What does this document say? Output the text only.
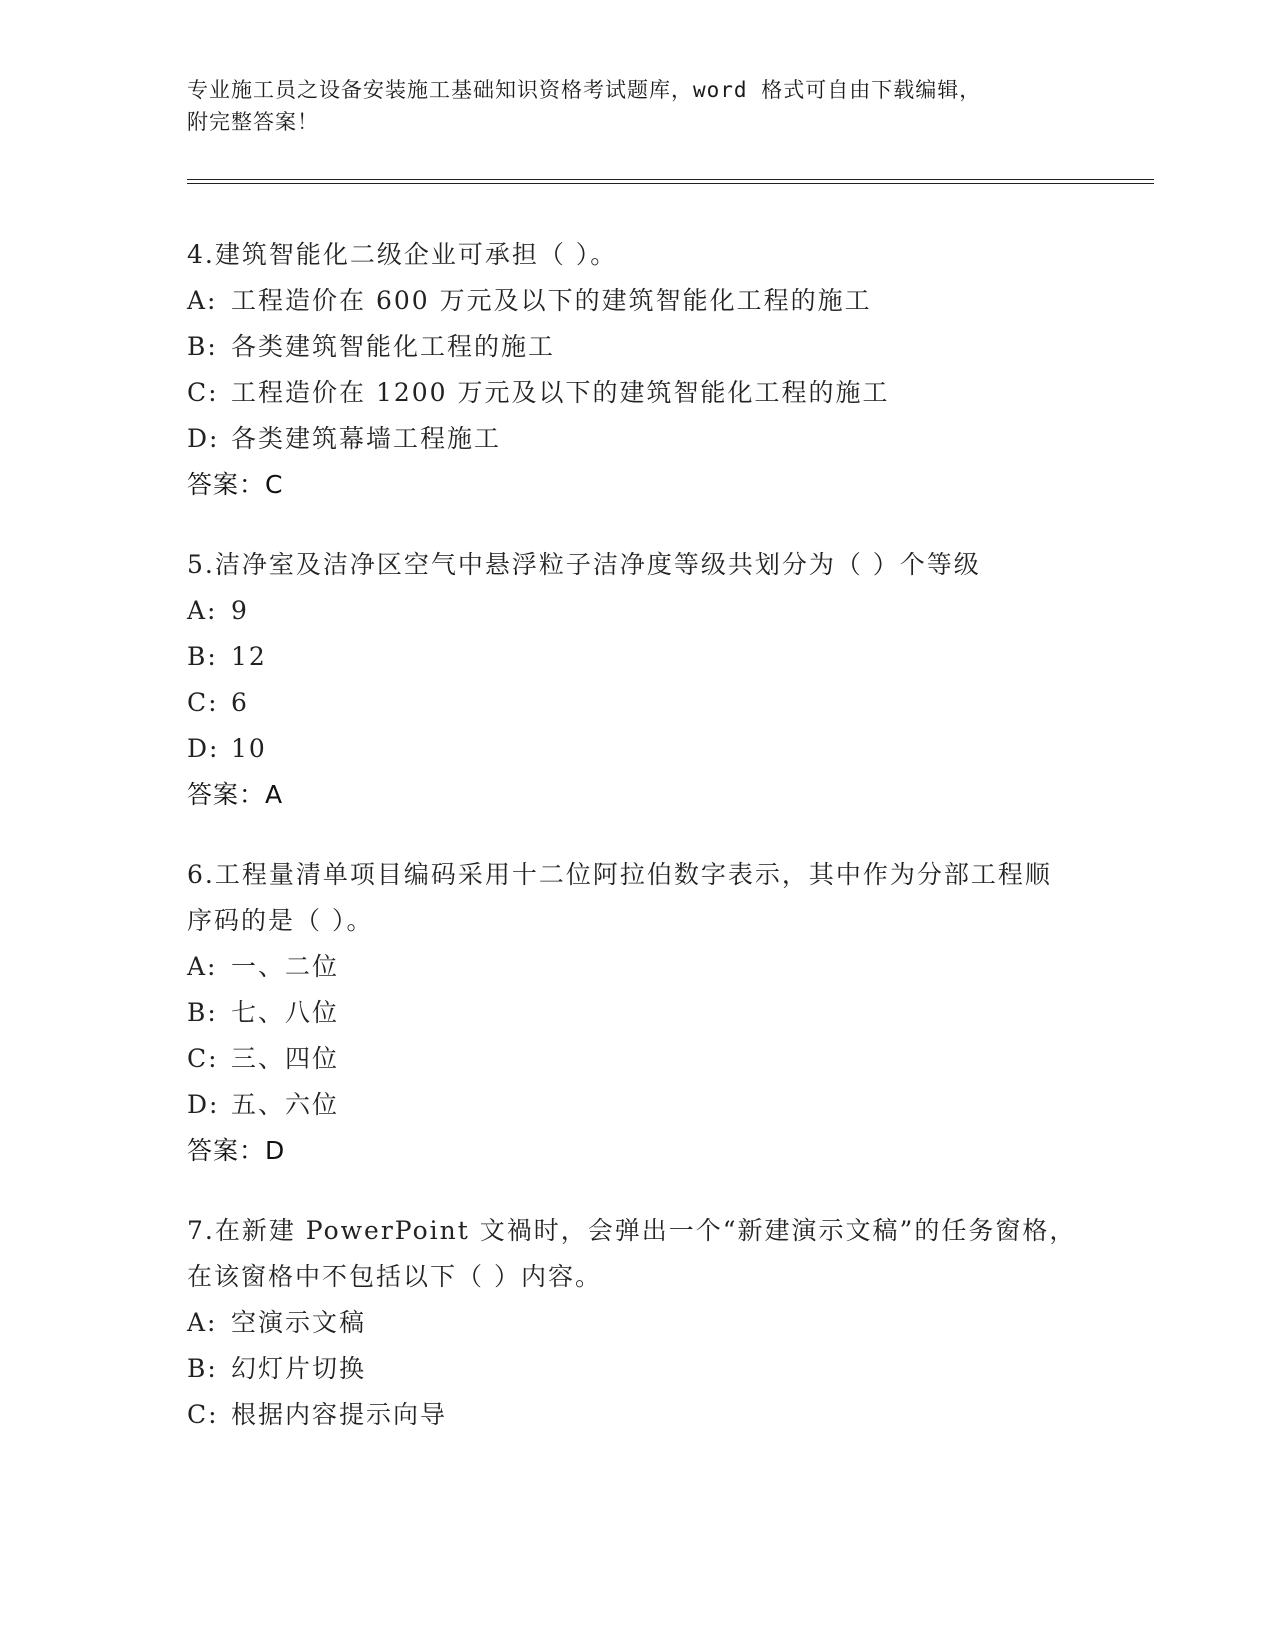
专业施工员之设备安装施工基础知识资格考试题库，word 格式可自由下载编辑，
附完整答案！
4.建筑智能化二级企业可承担（ ）。
A: 工程造价在 600 万元及以下的建筑智能化工程的施工
B: 各类建筑智能化工程的施工
C: 工程造价在 1200 万元及以下的建筑智能化工程的施工
D: 各类建筑幕墙工程施工
答案：C
5.洁净室及洁净区空气中悬浮粒子洁净度等级共划分为（ ）个等级
A: 9
B: 12
C: 6
D: 10
答案：A
6.工程量清单项目编码采用十二位阿拉伯数字表示，其中作为分部工程顺序码的是（ ）。
A: 一、二位
B: 七、八位
C: 三、四位
D: 五、六位
答案：D
7.在新建 PowerPoint 文禍时，会弹出一个“新建演示文稿”的任务窗格，在该窗格中不包括以下（ ）内容。
A: 空演示文稿
B: 幻灯片切换
C: 根据内容提示向导
